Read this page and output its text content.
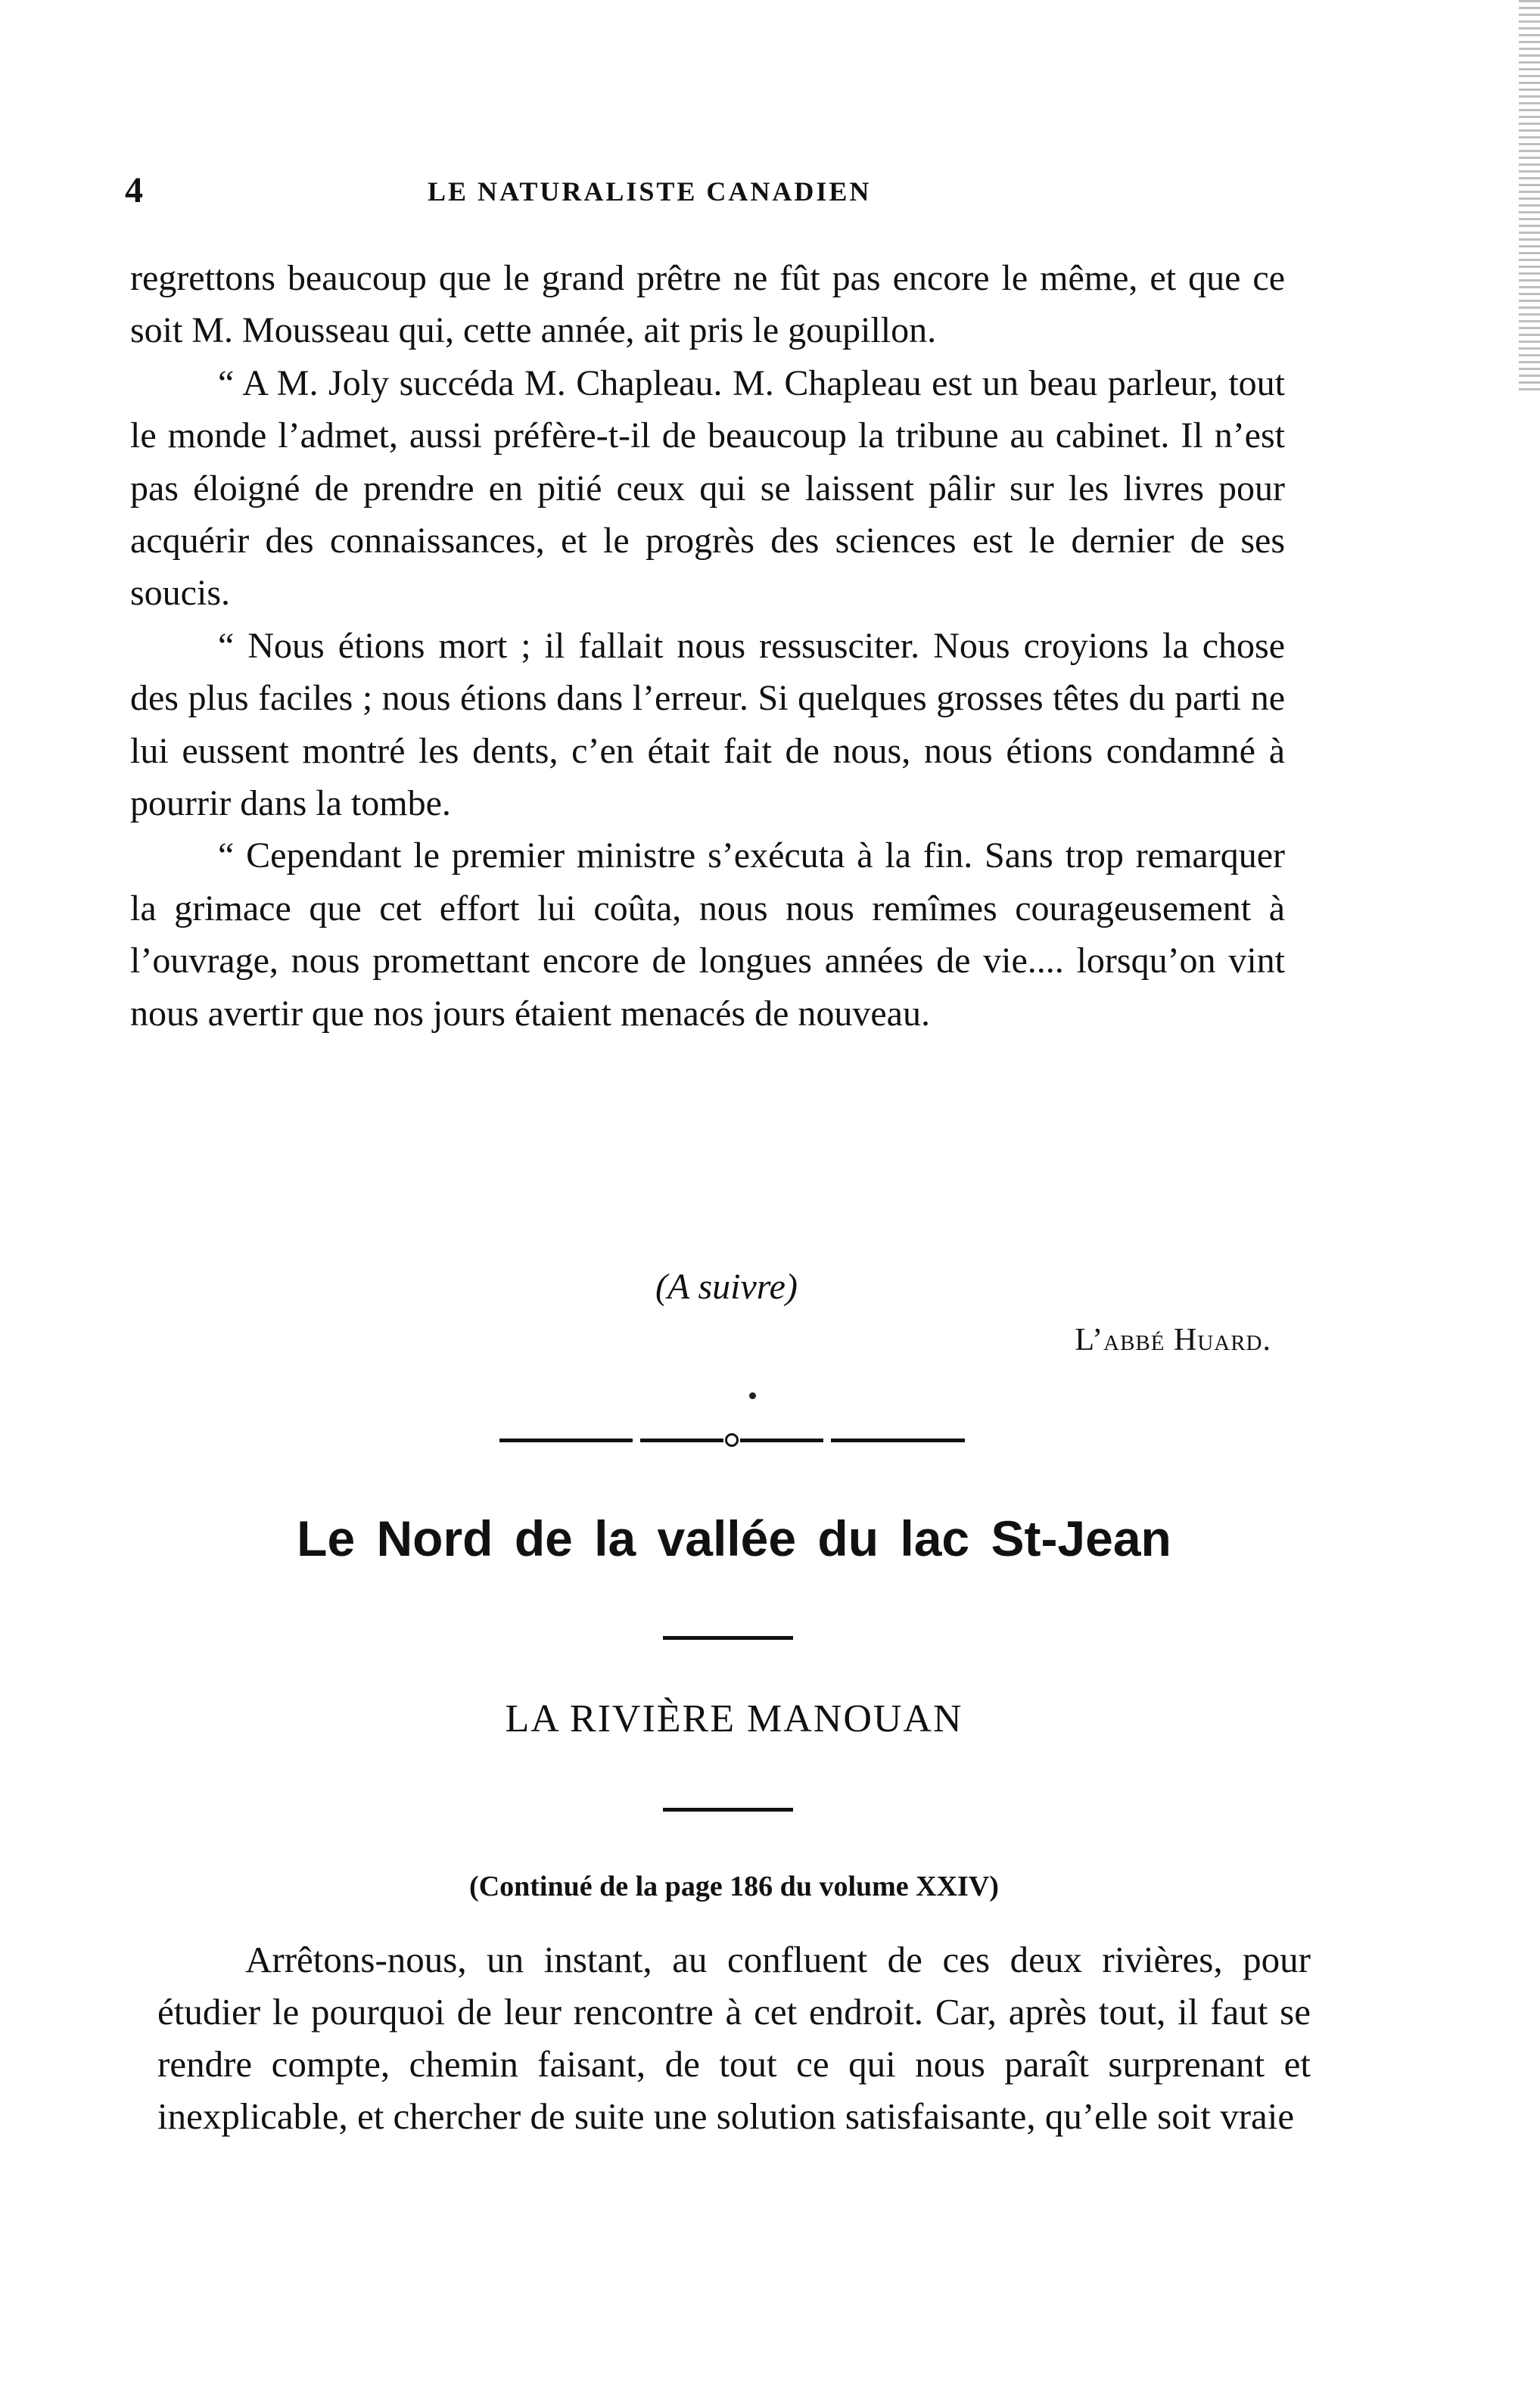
4	LE NATURALISTE CANADIEN

regrettons beaucoup que le grand prêtre ne fût pas encore le même, et que ce soit M. Mousseau qui, cette année, ait pris le goupillon.

“ A M. Joly succéda M. Chapleau. M. Chapleau est un beau parleur, tout le monde l’admet, aussi préfère-t-il de beaucoup la tribune au cabinet. Il n’est pas éloigné de prendre en pitié ceux qui se laissent pâlir sur les livres pour acquérir des connaissances, et le progrès des sciences est le dernier de ses soucis.

“ Nous étions mort ; il fallait nous ressusciter. Nous croyions la chose des plus faciles ; nous étions dans l’erreur. Si quelques grosses têtes du parti ne lui eussent montré les dents, c’en était fait de nous, nous étions condamné à pourrir dans la tombe.

“ Cependant le premier ministre s’exécuta à la fin. Sans trop remarquer la grimace que cet effort lui coûta, nous nous remîmes courageusement à l’ouvrage, nous promettant encore de longues années de vie.... lorsqu’on vint nous avertir que nos jours étaient menacés de nouveau.

(A suivre)
L’abbé Huard.
Le Nord de la vallée du lac St-Jean
LA RIVIÈRE MANOUAN
(Continué de la page 186 du volume XXIV)
Arrêtons-nous, un instant, au confluent de ces deux rivières, pour étudier le pourquoi de leur rencontre à cet endroit. Car, après tout, il faut se rendre compte, chemin faisant, de tout ce qui nous paraît surprenant et inexplicable, et chercher de suite une solution satisfaisante, qu’elle soit vraie
